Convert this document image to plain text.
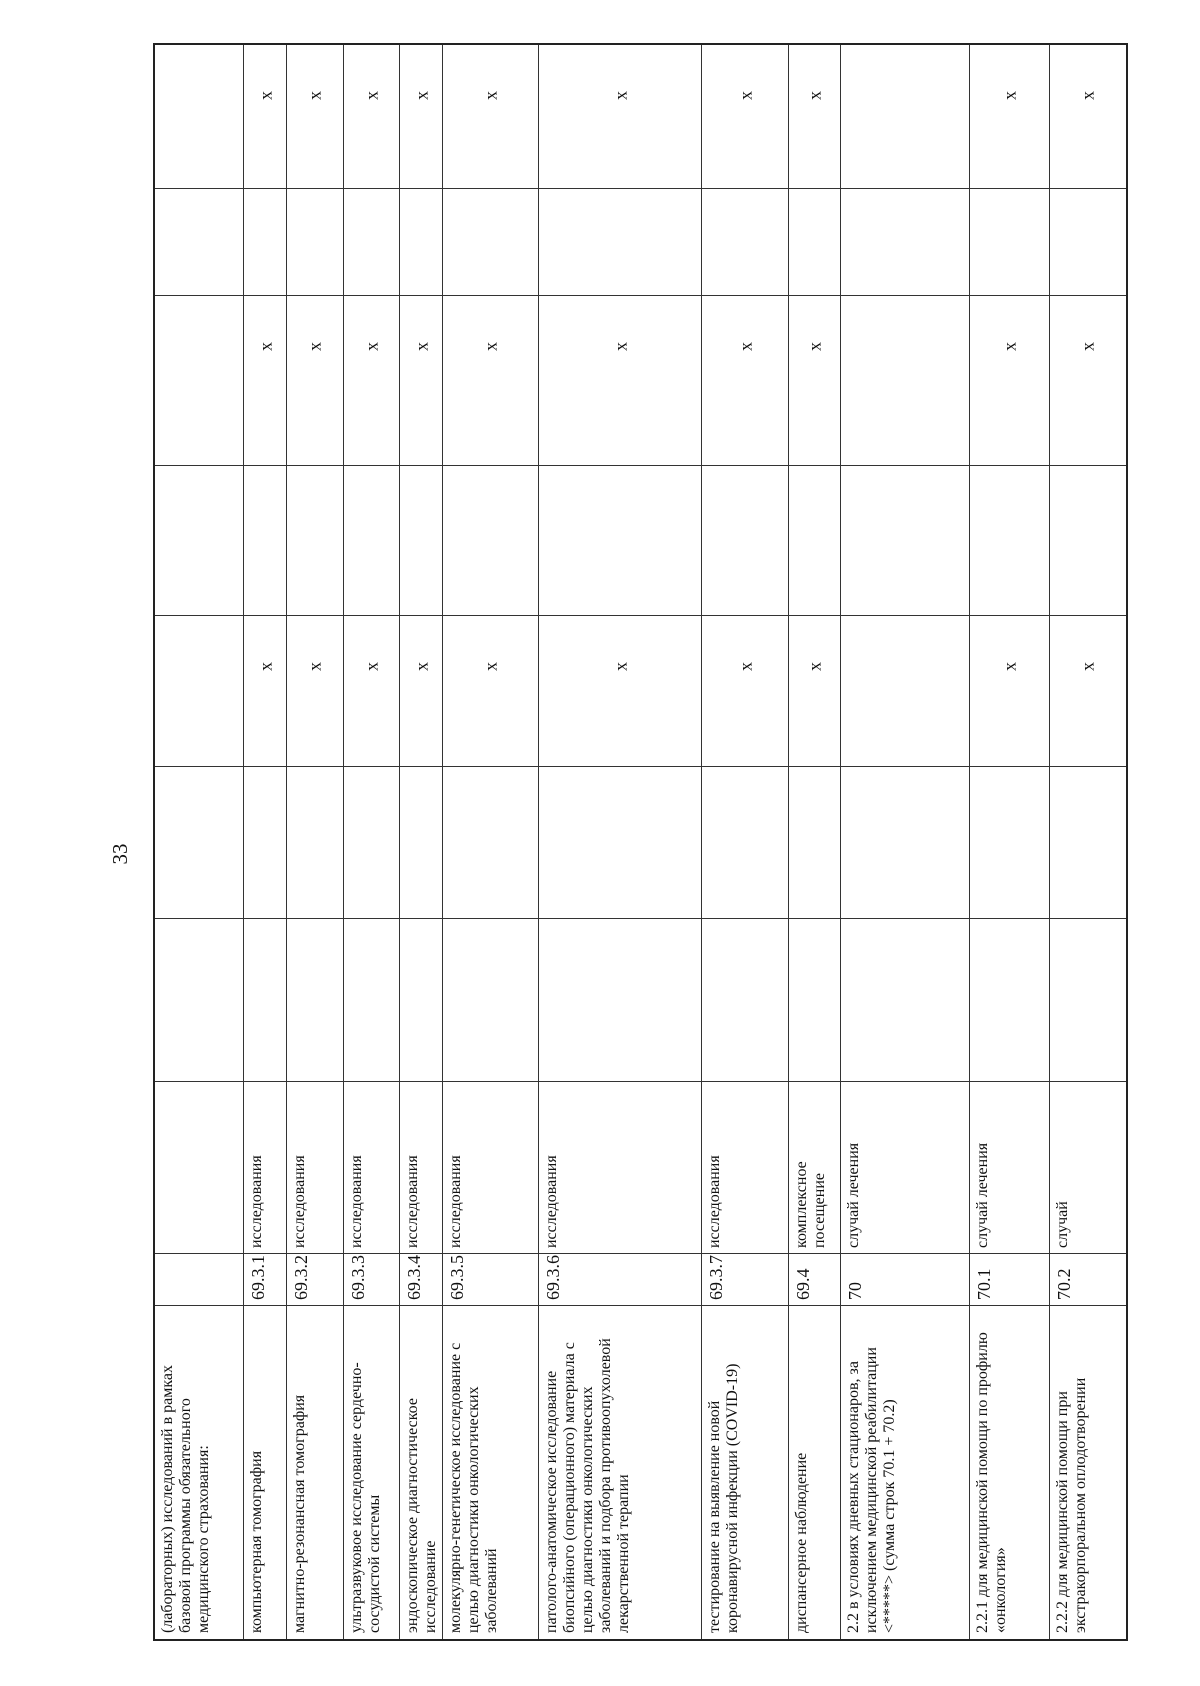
33
(лабораторных) исследований в рамках базовой программы обязательного медицинского страхования:	компьютерная томография
69.3.1
исследования
x
x
x
магнитно-резонансная томография
69.3.2
исследования
x
x
x
ультразвуковое исследование сердечно-сосудистой системы
69.3.3
исследования
x
x
x
эндоскопическое диагностическое исследование
69.3.4
исследования
x
x
x
молекулярно-генетическое исследование с целью диагностики онкологических заболеваний
69.3.5
исследования
x
x
x
патолого-анатомическое исследование биопсийного (операционного) материала с целью диагностики онкологических заболеваний и подбора противоопухолевой лекарственной терапии
69.3.6
исследования
x
x
x
тестирование на выявление новой коронавирусной инфекции (COVID-19)
69.3.7
исследования
x
x
x
диспансерное наблюдение
69.4
комплексное посещение
x
x
x
2.2 в условиях дневных стационаров, за исключением медицинской реабилитации <*****> (сумма строк 70.1 + 70.2)
70
случай лечения
2.2.1 для медицинской помощи по профилю «онкология»
70.1
случай лечения
x
x
x
2.2.2 для медицинской помощи при экстракорпоральном оплодотворении
70.2
случай
x
x
x
